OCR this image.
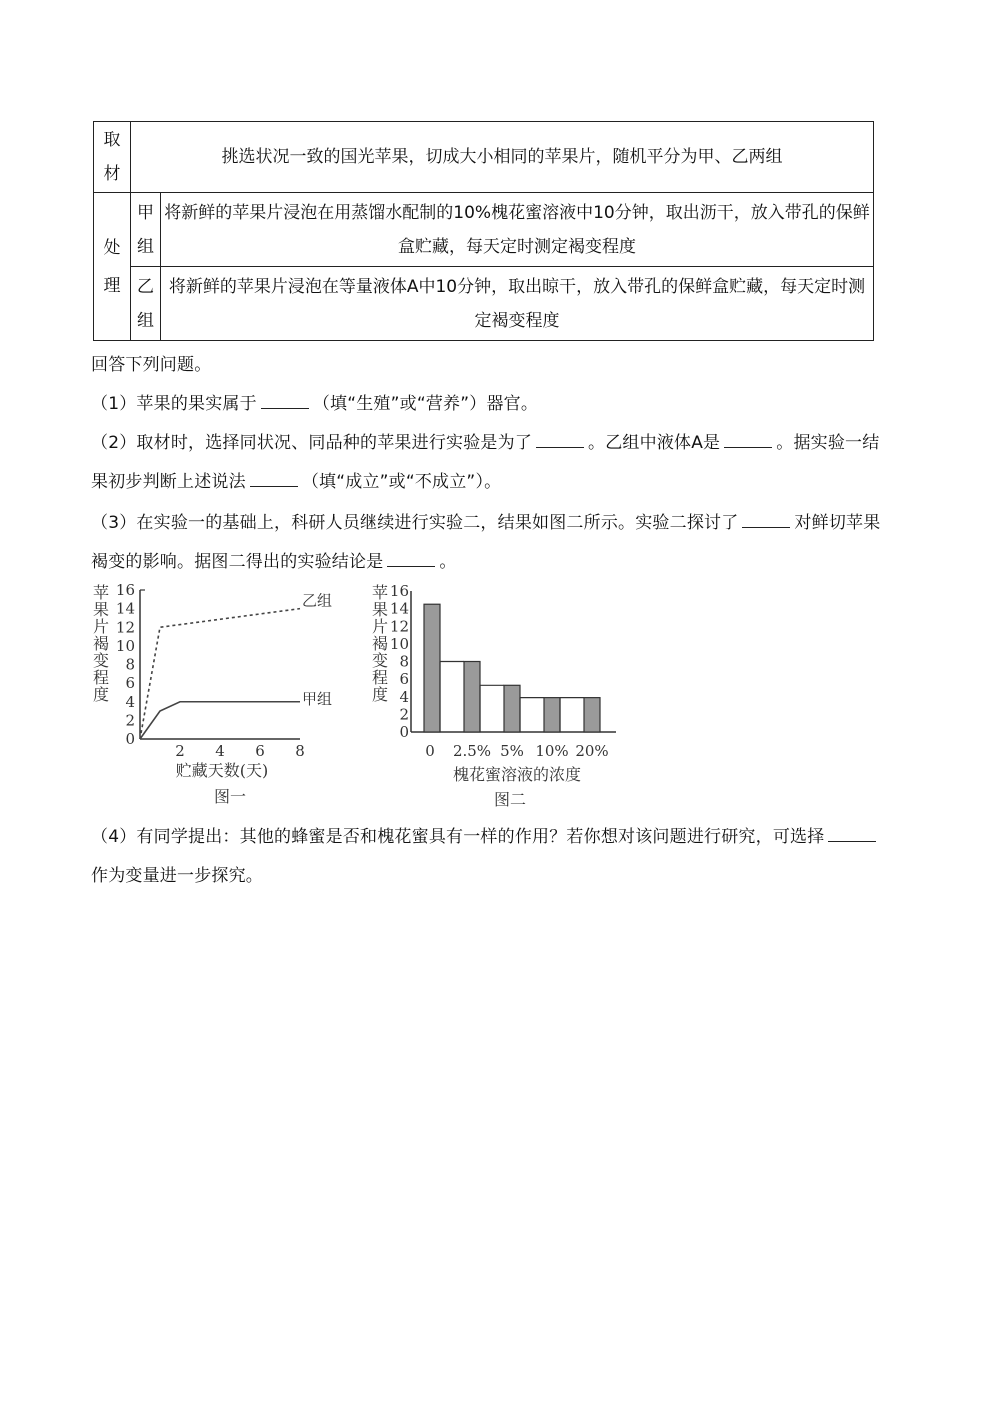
取材	挑选状况一致的国光苹果，切成大小相同的苹果片，随机平分为甲、乙两组	
处理	甲组	将新鲜的苹果片浸泡在用蒸馏水配制的10%槐花蜜溶液中10分钟，取出沥干，放入带孔的保鲜盒贮藏，每天定时测定褐变程度
	乙组	将新鲜的苹果片浸泡在等量液体A中10分钟，取出晾干，放入带孔的保鲜盒贮藏，每天定时测定褐变程度
回答下列问题。
（1）苹果的果实属于	（填“生殖”或“营养”）器官。
（2）取材时，选择同状况、同品种的苹果进行实验是为了	。乙组中液体A是	。据实验一结
果初步判断上述说法	（填“成立”或“不成立”）。
（3）在实验一的基础上，科研人员继续进行实验二，结果如图二所示。实验二探讨了	对鲜切苹果
褐变的影响。据图二得出的实验结论是	。
（4）有同学提出：其他的蜂蜜是否和槐花蜜具有一样的作用？若你想对该问题进行研究，可选择
作为变量进一步探究。
0
2
4
6
8
10
12
14
16
2 4 6 8
甲组
乙组
苹
果
片
褐
变
程
度
贮藏天数(天)
图一
0
2
4
6
8
10
12
14
16
0 2.5% 5% 10% 20%
苹
果
片
褐
变
程
度
槐花蜜溶液的浓度
图二
